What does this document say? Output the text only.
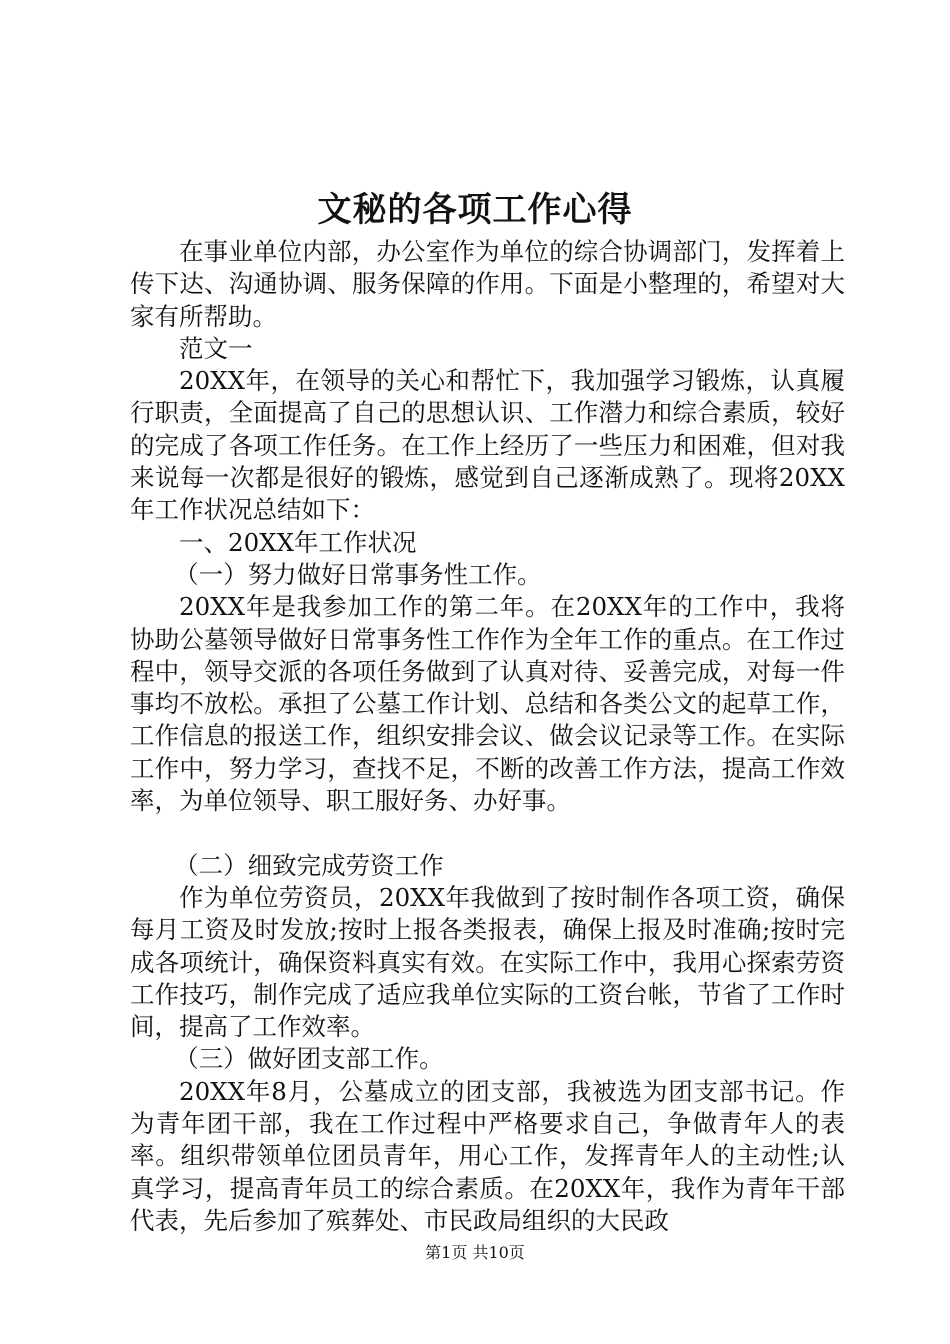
文秘的各项工作心得

在事业单位内部，办公室作为单位的综合协调部门，发挥着上传下达、沟通协调、服务保障的作用。下面是小整理的，希望对大家有所帮助。

范文一

20XX年，在领导的关心和帮忙下，我加强学习锻炼，认真履行职责，全面提高了自己的思想认识、工作潜力和综合素质，较好的完成了各项工作任务。在工作上经历了一些压力和困难，但对我来说每一次都是很好的锻炼，感觉到自己逐渐成熟了。现将20XX年工作状况总结如下：

一、20XX年工作状况

（一）努力做好日常事务性工作。

20XX年是我参加工作的第二年。在20XX年的工作中，我将协助公墓领导做好日常事务性工作作为全年工作的重点。在工作过程中，领导交派的各项任务做到了认真对待、妥善完成，对每一件事均不放松。承担了公墓工作计划、总结和各类公文的起草工作，工作信息的报送工作，组织安排会议、做会议记录等工作。在实际工作中，努力学习，查找不足，不断的改善工作方法，提高工作效率，为单位领导、职工服好务、办好事。

（二）细致完成劳资工作

作为单位劳资员，20XX年我做到了按时制作各项工资，确保每月工资及时发放;按时上报各类报表，确保上报及时准确;按时完成各项统计，确保资料真实有效。在实际工作中，我用心探索劳资工作技巧，制作完成了适应我单位实际的工资台帐，节省了工作时间，提高了工作效率。

（三）做好团支部工作。

20XX年8月，公墓成立的团支部，我被选为团支部书记。作为青年团干部，我在工作过程中严格要求自己，争做青年人的表率。组织带领单位团员青年，用心工作，发挥青年人的主动性;认真学习，提高青年员工的综合素质。在20XX年，我作为青年干部代表，先后参加了殡葬处、市民政局组织的大民政

第1页 共10页
